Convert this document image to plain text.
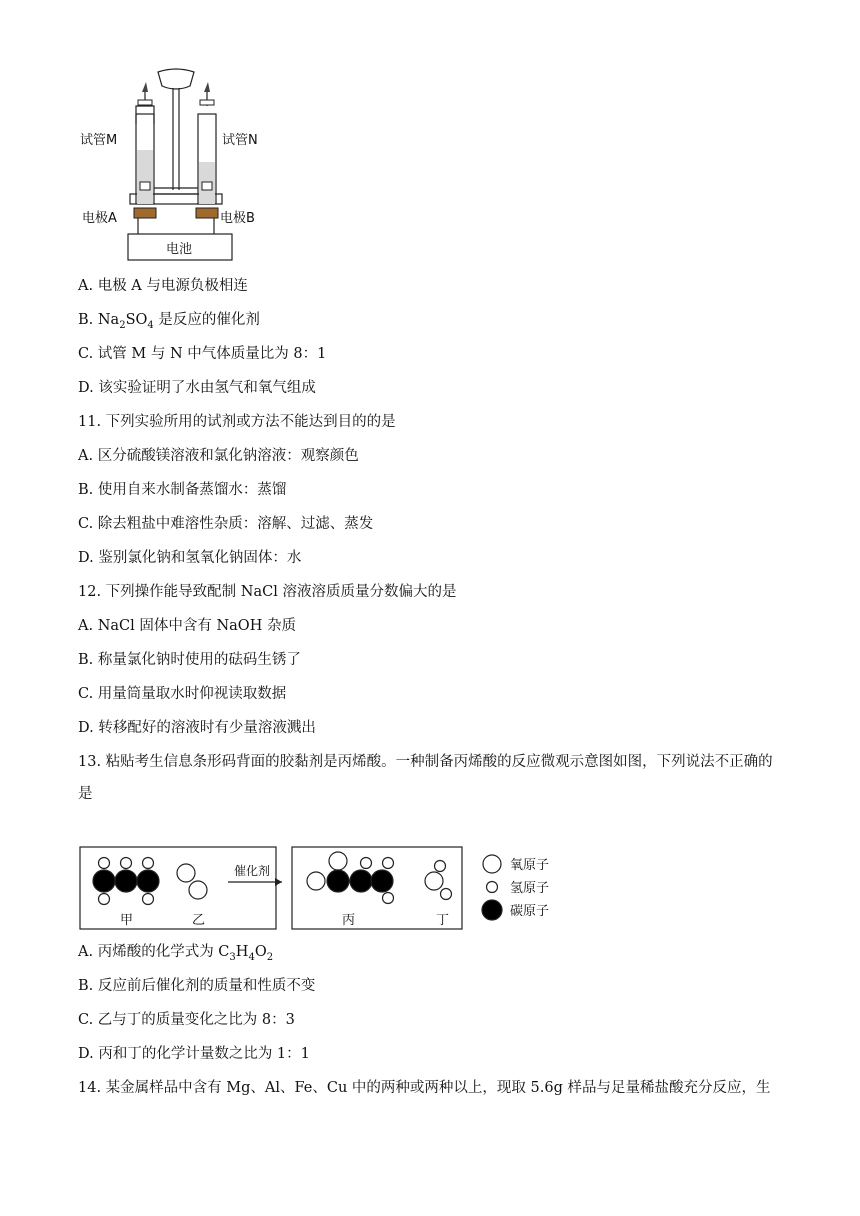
试管M	试管N
电极A	电极B
电池
A. 电极 A 与电源负极相连
B. $Na_2SO_4$ 是反应的催化剂
C. 试管 M 与 N 中气体质量比为 8：1
D. 该实验证明了水由氢气和氧气组成
11. 下列实验所用的试剂或方法不能达到目的的是
A. 区分硫酸镁溶液和氯化钠溶液：观察颜色
B. 使用自来水制备蒸馏水：蒸馏
C. 除去粗盐中难溶性杂质：溶解、过滤、蒸发
D. 鉴别氯化钠和氢氧化钠固体：水
12. 下列操作能导致配制 NaCl 溶液溶质质量分数偏大的是
A. NaCl 固体中含有 NaOH 杂质
B. 称量氯化钠时使用的砝码生锈了
C. 用量筒量取水时仰视读取数据
D. 转移配好的溶液时有少量溶液溅出
13. 粘贴考生信息条形码背面的胶黏剂是丙烯酸。一种制备丙烯酸的反应微观示意图如图，下列说法不正确的是
甲	乙
催化剂
丙	丁
氧原子
氢原子
碳原子
A. 丙烯酸的化学式为 $C_3H_4O_2$
B. 反应前后催化剂的质量和性质不变
C. 乙与丁的质量变化之比为 8：3
D. 丙和丁的化学计量数之比为 1：1
14. 某金属样品中含有 Mg、Al、Fe、Cu 中的两种或两种以上，现取 5.6g 样品与足量稀盐酸充分反应，生
